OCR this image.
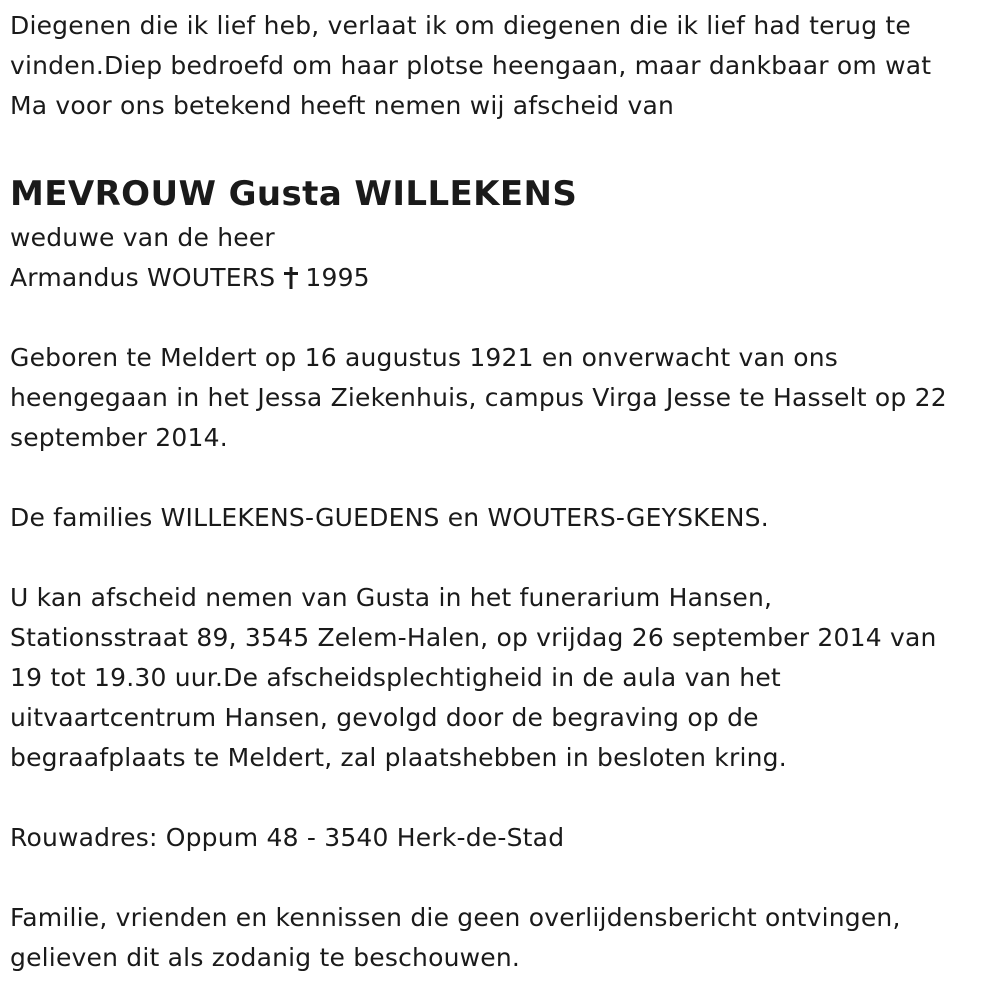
Diegenen die ik lief heb, verlaat ik om diegenen die ik lief had terug te

vinden.Diep bedroefd om haar plotse heengaan, maar dankbaar om wat

Ma voor ons betekend heeft nemen wij afscheid van

MEVROUW Gusta WILLEKENS

weduwe van de heer

Armandus WOUTERS 1995

Geboren te Meldert op 16 augustus 1921 en onverwacht van ons

heengegaan in het Jessa Ziekenhuis, campus Virga Jesse te Hasselt op 22

september 2014.

De families WILLEKENS-GUEDENS en WOUTERS-GEYSKENS.

U kan afscheid nemen van Gusta in het funerarium Hansen,

Stationsstraat 89, 3545 Zelem-Halen, op vrijdag 26 september 2014 van

19 tot 19.30 uur.De afscheidsplechtigheid in de aula van het

uitvaartcentrum Hansen, gevolgd door de begraving op de

begraafplaats te Meldert, zal plaatshebben in besloten kring.

Rouwadres: Oppum 48 - 3540 Herk-de-Stad

Familie, vrienden en kennissen die geen overlijdensbericht ontvingen,

gelieven dit als zodanig te beschouwen.
